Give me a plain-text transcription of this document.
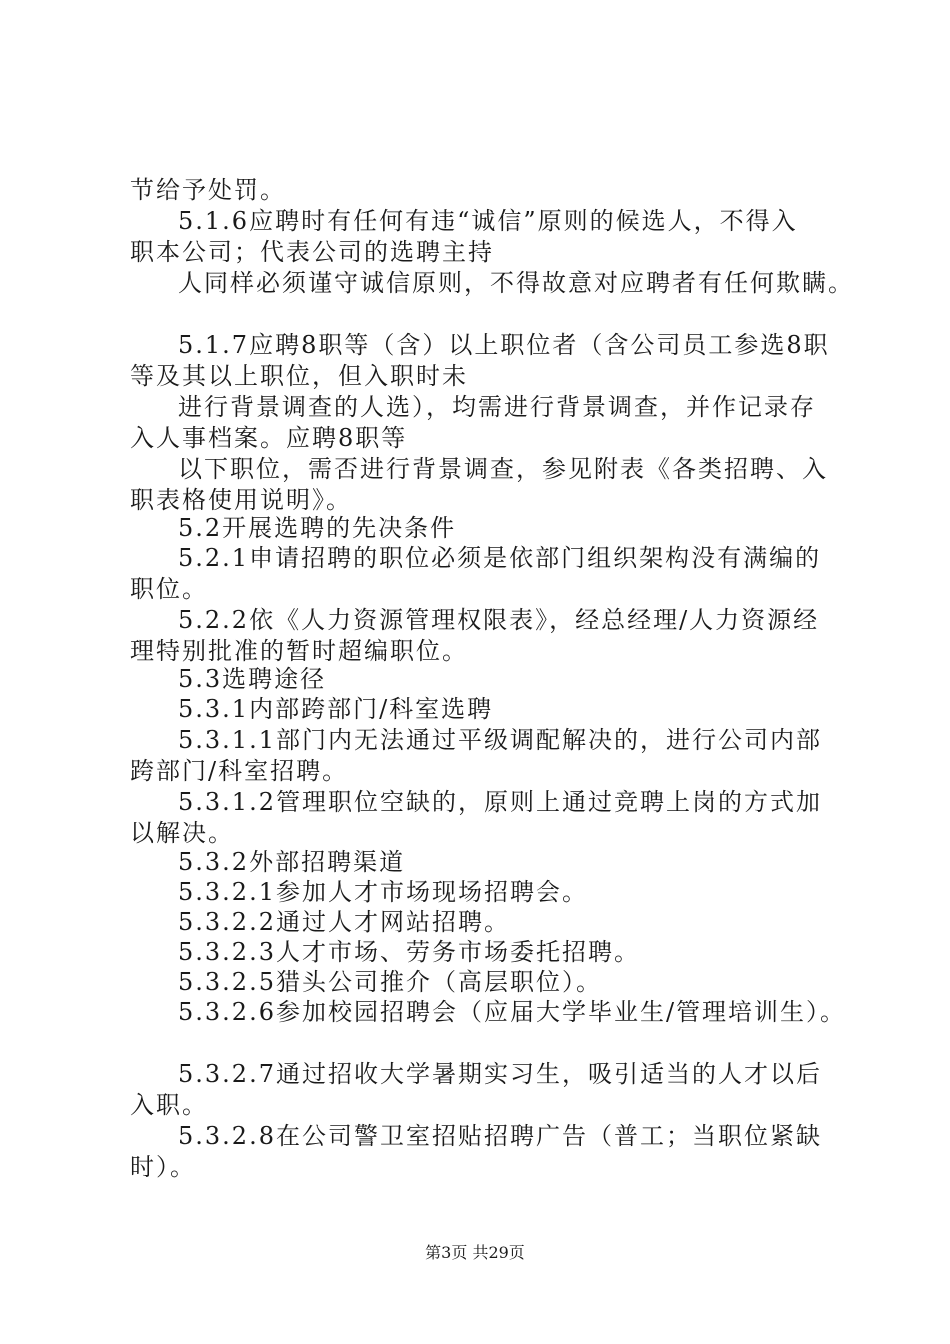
节给予处罚。
5.1.6应聘时有任何有违“诚信”原则的候选人，不得入
职本公司；代表公司的选聘主持
人同样必须谨守诚信原则，不得故意对应聘者有任何欺瞒。
5.1.7应聘8职等（含）以上职位者（含公司员工参选8职
等及其以上职位，但入职时未
进行背景调查的人选），均需进行背景调查，并作记录存
入人事档案。应聘8职等
以下职位，需否进行背景调查，参见附表《各类招聘、入
职表格使用说明》。
5.2开展选聘的先决条件
5.2.1申请招聘的职位必须是依部门组织架构没有满编的
职位。
5.2.2依《人力资源管理权限表》，经总经理/人力资源经
理特别批准的暂时超编职位。
5.3选聘途径
5.3.1内部跨部门/科室选聘
5.3.1.1部门内无法通过平级调配解决的，进行公司内部
跨部门/科室招聘。
5.3.1.2管理职位空缺的，原则上通过竞聘上岗的方式加
以解决。
5.3.2外部招聘渠道
5.3.2.1参加人才市场现场招聘会。
5.3.2.2通过人才网站招聘。
5.3.2.3人才市场、劳务市场委托招聘。
5.3.2.5猎头公司推介（高层职位）。
5.3.2.6参加校园招聘会（应届大学毕业生/管理培训生）。
5.3.2.7通过招收大学暑期实习生，吸引适当的人才以后
入职。
5.3.2.8在公司警卫室招贴招聘广告（普工；当职位紧缺
时）。
第3页 共29页
